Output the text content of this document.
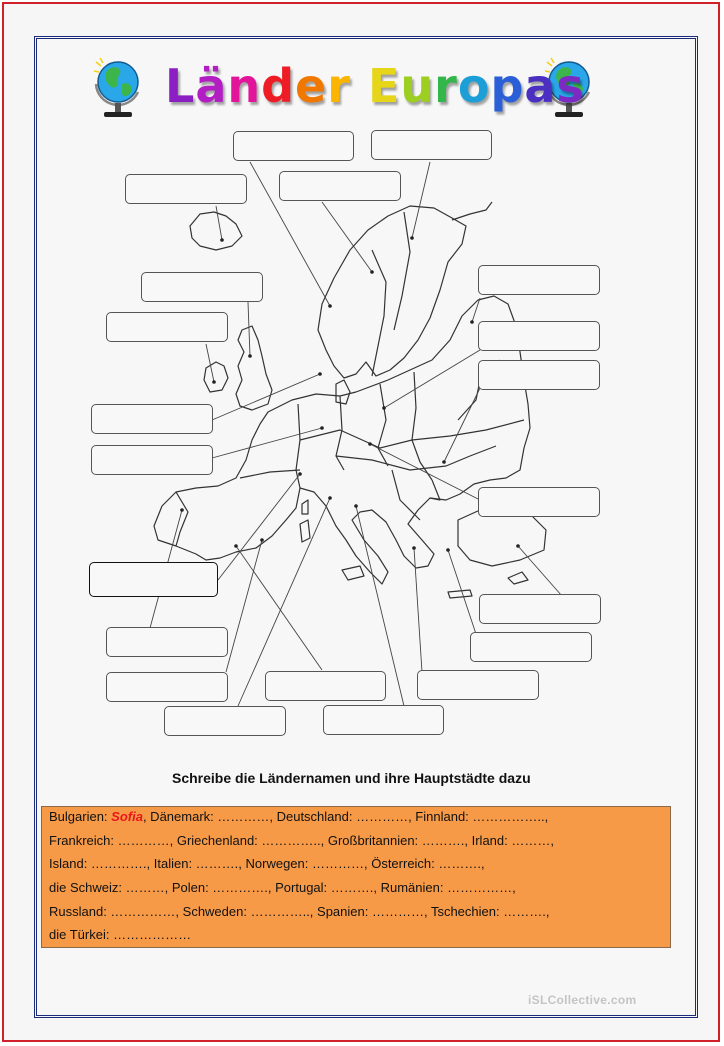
Länder Europas
Schreibe die Ländernamen und ihre Hauptstädte dazu
Bulgarien: Sofia, Dänemark: …………, Deutschland: …………, Finnland: ……………..,
Frankreich: …………, Griechenland: ………….., Großbritannien: ………., Irland: ………,
Island: …………., Italien: ………., Norwegen: …………, Österreich: ……….,
die Schweiz: ………, Polen: …………., Portugal: ………., Rumänien: ……………,
Russland: ……………, Schweden: ………….., Spanien: …………, Tschechien: ……….,
die Türkei: ………………
iSLCollective.com
